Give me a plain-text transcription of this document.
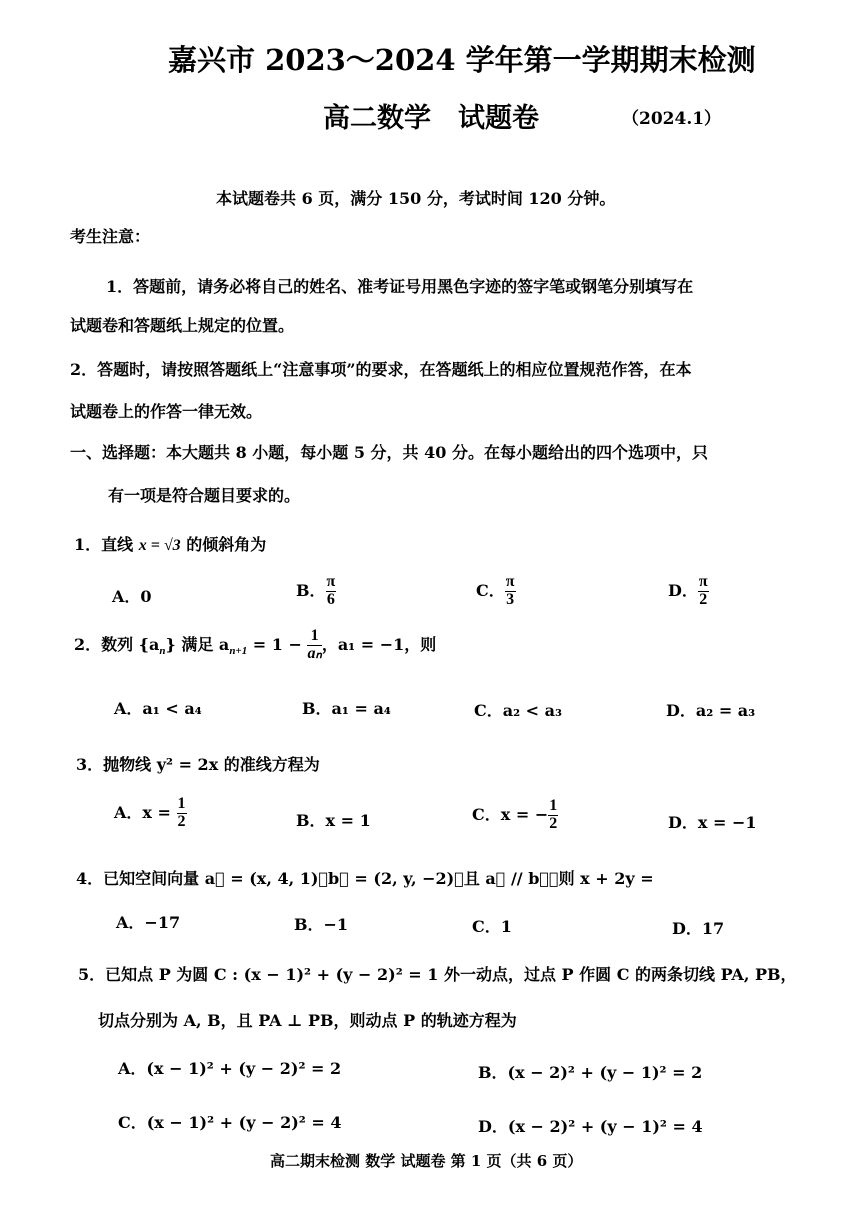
嘉兴市 2023～2024 学年第一学期期末检测
高二数学　试题卷	（2024.1）
本试题卷共 6 页，满分 150 分，考试时间 120 分钟。
考生注意：
1．答题前，请务必将自己的姓名、准考证号用黑色字迹的签字笔或钢笔分别填写在
试题卷和答题纸上规定的位置。
2．答题时，请按照答题纸上“注意事项”的要求，在答题纸上的相应位置规范作答，在本
试题卷上的作答一律无效。
一、选择题：本大题共 8 小题，每小题 5 分，共 40 分。在每小题给出的四个选项中，只
有一项是符合题目要求的。
1．直线 x = √3 的倾斜角为
A．0	B． $\frac{\pi}{6}$	C． $\frac{\pi}{3}$	D． $\frac{\pi}{2}$
2．数列 $\{a_n\}$ 满足 $a_{n+1} = 1 - \frac{1}{\text{aₙ}}$ ，a₁ = −1，则
A．a₁ < a₄	B．a₁ = a₄	C．a₂ < a₃	D．a₂ = a₃
3．抛物线 y² = 2x 的准线方程为
A．$x = \frac{1}{2}$	B．x = 1	C．x = − $\frac{1}{2}$	D．x = −1
4．已知空间向量 a⃗ = (x, 4, 1)，b⃗ = (2, y, −2)，且 a⃗ // b⃗，则 x + 2y =
A．−17	B．−1	C．1	D．17
5．已知点 P 为圆 C : (x − 1)² + (y − 2)² = 1 外一动点，过点 P 作圆 C 的两条切线 PA, PB，
切点分别为 A, B，且 PA ⊥ PB，则动点 P 的轨迹方程为
A．(x − 1)² + (y − 2)² = 2	B．(x − 2)² + (y − 1)² = 2
C．(x − 1)² + (y − 2)² = 4	D．(x − 2)² + (y − 1)² = 4
高二期末检测 数学 试题卷 第 1 页（共 6 页）
